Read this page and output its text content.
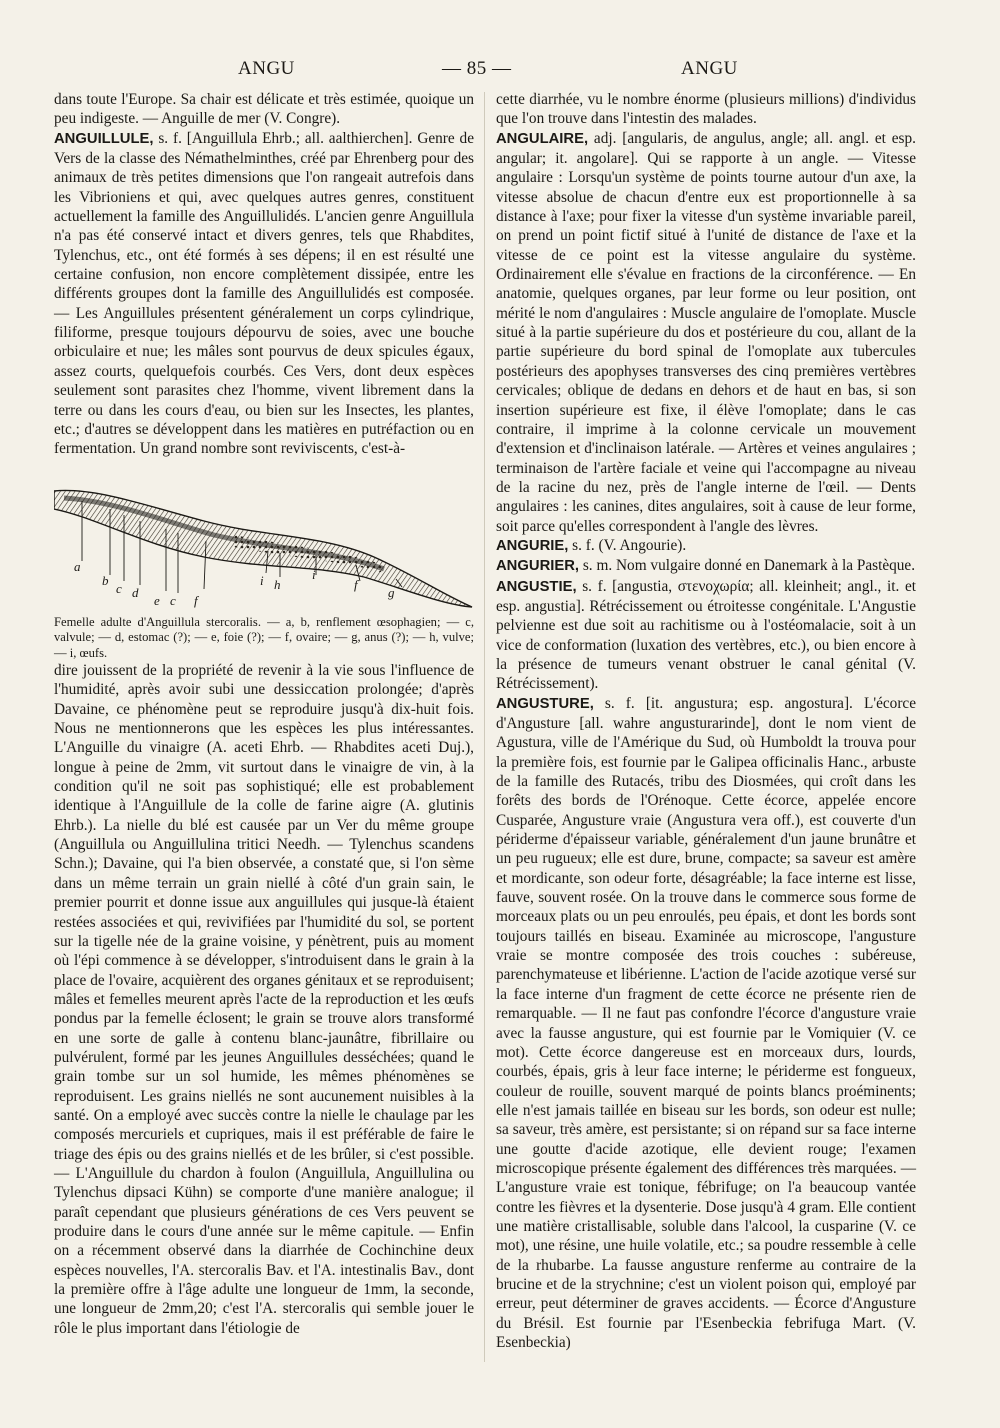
ANGU	— 85 —	ANGU

dans toute l'Europe. Sa chair est délicate et très estimée, quoique un peu indigeste. — Anguille de mer (V. Congre).

ANGUILLULE, s. f. [Anguillula Ehrb.; all. aalthierchen]. Genre de Vers de la classe des Némathelminthes, créé par Ehrenberg pour des animaux de très petites dimensions que l'on rangeait autrefois dans les Vibrioniens et qui, avec quelques autres genres, constituent actuellement la famille des Anguillulidés. L'ancien genre Anguillula n'a pas été conservé intact et divers genres, tels que Rhabdites, Tylenchus, etc., ont été formés à ses dépens; il en est résulté une certaine confusion, non encore complètement dissipée, entre les différents groupes dont la famille des Anguillulidés est composée. — Les Anguillules présentent généralement un corps cylindrique, filiforme, presque toujours dépourvu de soies, avec une bouche orbiculaire et nue; les mâles sont pourvus de deux spicules égaux, assez courts, quelquefois courbés. Ces Vers, dont deux espèces seulement sont parasites chez l'homme, vivent librement dans la terre ou dans les cours d'eau, ou bien sur les Insectes, les plantes, etc.; d'autres se développent dans les matières en putréfaction ou en fermentation. Un grand nombre sont reviviscents, c'est-à-

a
b
c d
e c f
i h
i
f
g

Femelle adulte d'Anguillula stercoralis. — a, b, renflement œsophagien; — c, valvule; — d, estomac (?); — e, foie (?); — f, ovaire; — g, anus (?); — h, vulve; — i, œufs.

dire jouissent de la propriété de revenir à la vie sous l'influence de l'humidité, après avoir subi une dessiccation prolongée; d'après Davaine, ce phénomène peut se reproduire jusqu'à dix-huit fois. Nous ne mentionnerons que les espèces les plus intéressantes. L'Anguille du vinaigre (A. aceti Ehrb. — Rhabdites aceti Duj.), longue à peine de 2mm, vit surtout dans le vinaigre de vin, à la condition qu'il ne soit pas sophistiqué; elle est probablement identique à l'Anguillule de la colle de farine aigre (A. glutinis Ehrb.). La nielle du blé est causée par un Ver du même groupe (Anguillula ou Anguillulina tritici Needh. — Tylenchus scandens Schn.); Davaine, qui l'a bien observée, a constaté que, si l'on sème dans un même terrain un grain niellé à côté d'un grain sain, le premier pourrit et donne issue aux anguillules qui jusque-là étaient restées associées et qui, revivifiées par l'humidité du sol, se portent sur la tigelle née de la graine voisine, y pénètrent, puis au moment où l'épi commence à se développer, s'introduisent dans le grain à la place de l'ovaire, acquièrent des organes génitaux et se reproduisent; mâles et femelles meurent après l'acte de la reproduction et les œufs pondus par la femelle éclosent; le grain se trouve alors transformé en une sorte de galle à contenu blanc-jaunâtre, fibrillaire ou pulvérulent, formé par les jeunes Anguillules desséchées; quand le grain tombe sur un sol humide, les mêmes phénomènes se reproduisent. Les grains niellés ne sont aucunement nuisibles à la santé. On a employé avec succès contre la nielle le chaulage par les composés mercuriels et cupriques, mais il est préférable de faire le triage des épis ou des grains niellés et de les brûler, si c'est possible. — L'Anguillule du chardon à foulon (Anguillula, Anguillulina ou Tylenchus dipsaci Kühn) se comporte d'une manière analogue; il paraît cependant que plusieurs générations de ces Vers peuvent se produire dans le cours d'une année sur le même capitule. — Enfin on a récemment observé dans la diarrhée de Cochinchine deux espèces nouvelles, l'A. stercoralis Bav. et l'A. intestinalis Bav., dont la première offre à l'âge adulte une longueur de 1mm, la seconde, une longueur de 2mm,20; c'est l'A. stercoralis qui semble jouer le rôle le plus important dans l'étiologie de

cette diarrhée, vu le nombre énorme (plusieurs millions) d'individus que l'on trouve dans l'intestin des malades.

ANGULAIRE, adj. [angularis, de angulus, angle; all. angl. et esp. angular; it. angolare]. Qui se rapporte à un angle. — Vitesse angulaire : Lorsqu'un système de points tourne autour d'un axe, la vitesse absolue de chacun d'entre eux est proportionnelle à sa distance à l'axe; pour fixer la vitesse d'un système invariable pareil, on prend un point fictif situé à l'unité de distance de l'axe et la vitesse de ce point est la vitesse angulaire du système. Ordinairement elle s'évalue en fractions de la circonférence. — En anatomie, quelques organes, par leur forme ou leur position, ont mérité le nom d'angulaires : Muscle angulaire de l'omoplate. Muscle situé à la partie supérieure du dos et postérieure du cou, allant de la partie supérieure du bord spinal de l'omoplate aux tubercules postérieurs des apophyses transverses des cinq premières vertèbres cervicales; oblique de dedans en dehors et de haut en bas, si son insertion supérieure est fixe, il élève l'omoplate; dans le cas contraire, il imprime à la colonne cervicale un mouvement d'extension et d'inclinaison latérale. — Artères et veines angulaires ; terminaison de l'artère faciale et veine qui l'accompagne au niveau de la racine du nez, près de l'angle interne de l'œil. — Dents angulaires : les canines, dites angulaires, soit à cause de leur forme, soit parce qu'elles correspondent à l'angle des lèvres.

ANGURIE, s. f. (V. Angourie).

ANGURIER, s. m. Nom vulgaire donné en Danemark à la Pastèque.

ANGUSTIE, s. f. [angustia, στενοχωρία; all. kleinheit; angl., it. et esp. angustia]. Rétrécissement ou étroitesse congénitale. L'Angustie pelvienne est due soit au rachitisme ou à l'ostéomalacie, soit à un vice de conformation (luxation des vertèbres, etc.), ou bien encore à la présence de tumeurs venant obstruer le canal génital (V. Rétrécissement).

ANGUSTURE, s. f. [it. angustura; esp. angostura]. L'écorce d'Angusture [all. wahre angusturarinde], dont le nom vient de Agustura, ville de l'Amérique du Sud, où Humboldt la trouva pour la première fois, est fournie par le Galipea officinalis Hanc., arbuste de la famille des Rutacés, tribu des Diosmées, qui croît dans les forêts des bords de l'Orénoque. Cette écorce, appelée encore Cusparée, Angusture vraie (Angustura vera off.), est couverte d'un périderme d'épaisseur variable, généralement d'un jaune brunâtre et un peu rugueux; elle est dure, brune, compacte; sa saveur est amère et mordicante, son odeur forte, désagréable; la face interne est lisse, fauve, souvent rosée. On la trouve dans le commerce sous forme de morceaux plats ou un peu enroulés, peu épais, et dont les bords sont toujours taillés en biseau. Examinée au microscope, l'angusture vraie se montre composée des trois couches : subéreuse, parenchymateuse et libérienne. L'action de l'acide azotique versé sur la face interne d'un fragment de cette écorce ne présente rien de remarquable. — Il ne faut pas confondre l'écorce d'angusture vraie avec la fausse angusture, qui est fournie par le Vomiquier (V. ce mot). Cette écorce dangereuse est en morceaux durs, lourds, courbés, épais, gris à leur face interne; le périderme est fongueux, couleur de rouille, souvent marqué de points blancs proéminents; elle n'est jamais taillée en biseau sur les bords, son odeur est nulle; sa saveur, très amère, est persistante; si on répand sur sa face interne une goutte d'acide azotique, elle devient rouge; l'examen microscopique présente également des différences très marquées. — L'angusture vraie est tonique, fébrifuge; on l'a beaucoup vantée contre les fièvres et la dysenterie. Dose jusqu'à 4 gram. Elle contient une matière cristallisable, soluble dans l'alcool, la cusparine (V. ce mot), une résine, une huile volatile, etc.; sa poudre ressemble à celle de la rhubarbe. La fausse angusture renferme au contraire de la brucine et de la strychnine; c'est un violent poison qui, employé par erreur, peut déterminer de graves accidents. — Écorce d'Angusture du Brésil. Est fournie par l'Esenbeckia febrifuga Mart. (V. Esenbeckia)
